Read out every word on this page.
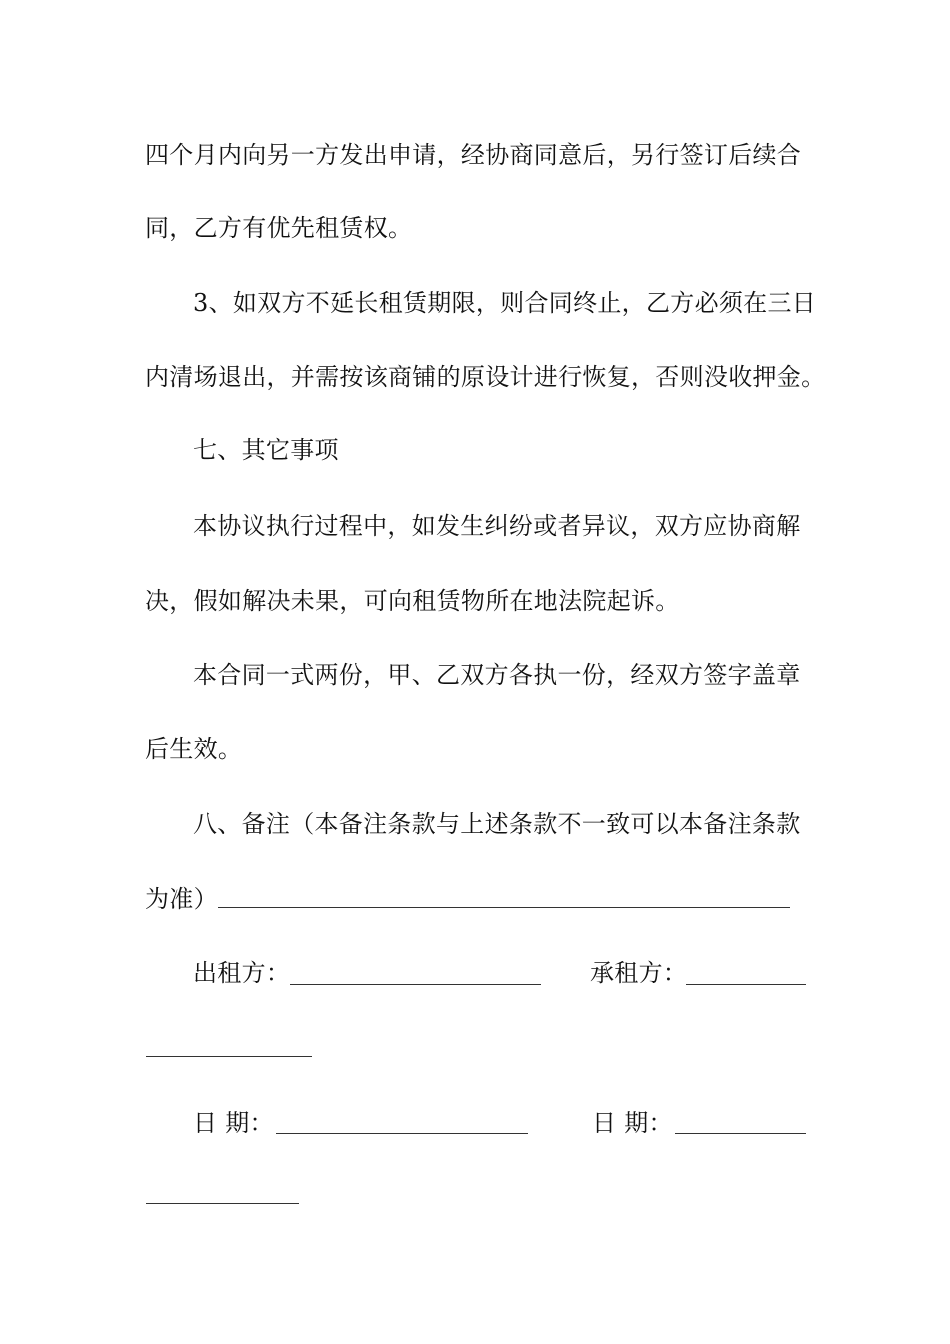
四个月内向另一方发出申请，经协商同意后，另行签订后续合
同，乙方有优先租赁权。
3、如双方不延长租赁期限，则合同终止，乙方必须在三日
内清场退出，并需按该商铺的原设计进行恢复，否则没收押金。
七、其它事项
本协议执行过程中，如发生纠纷或者异议，双方应协商解
决，假如解决未果，可向租赁物所在地法院起诉。
本合同一式两份，甲、乙双方各执一份，经双方签字盖章
后生效。
八、备注（本备注条款与上述条款不一致可以本备注条款
为准）
出租方：	承租方：
日 期：	日 期：
